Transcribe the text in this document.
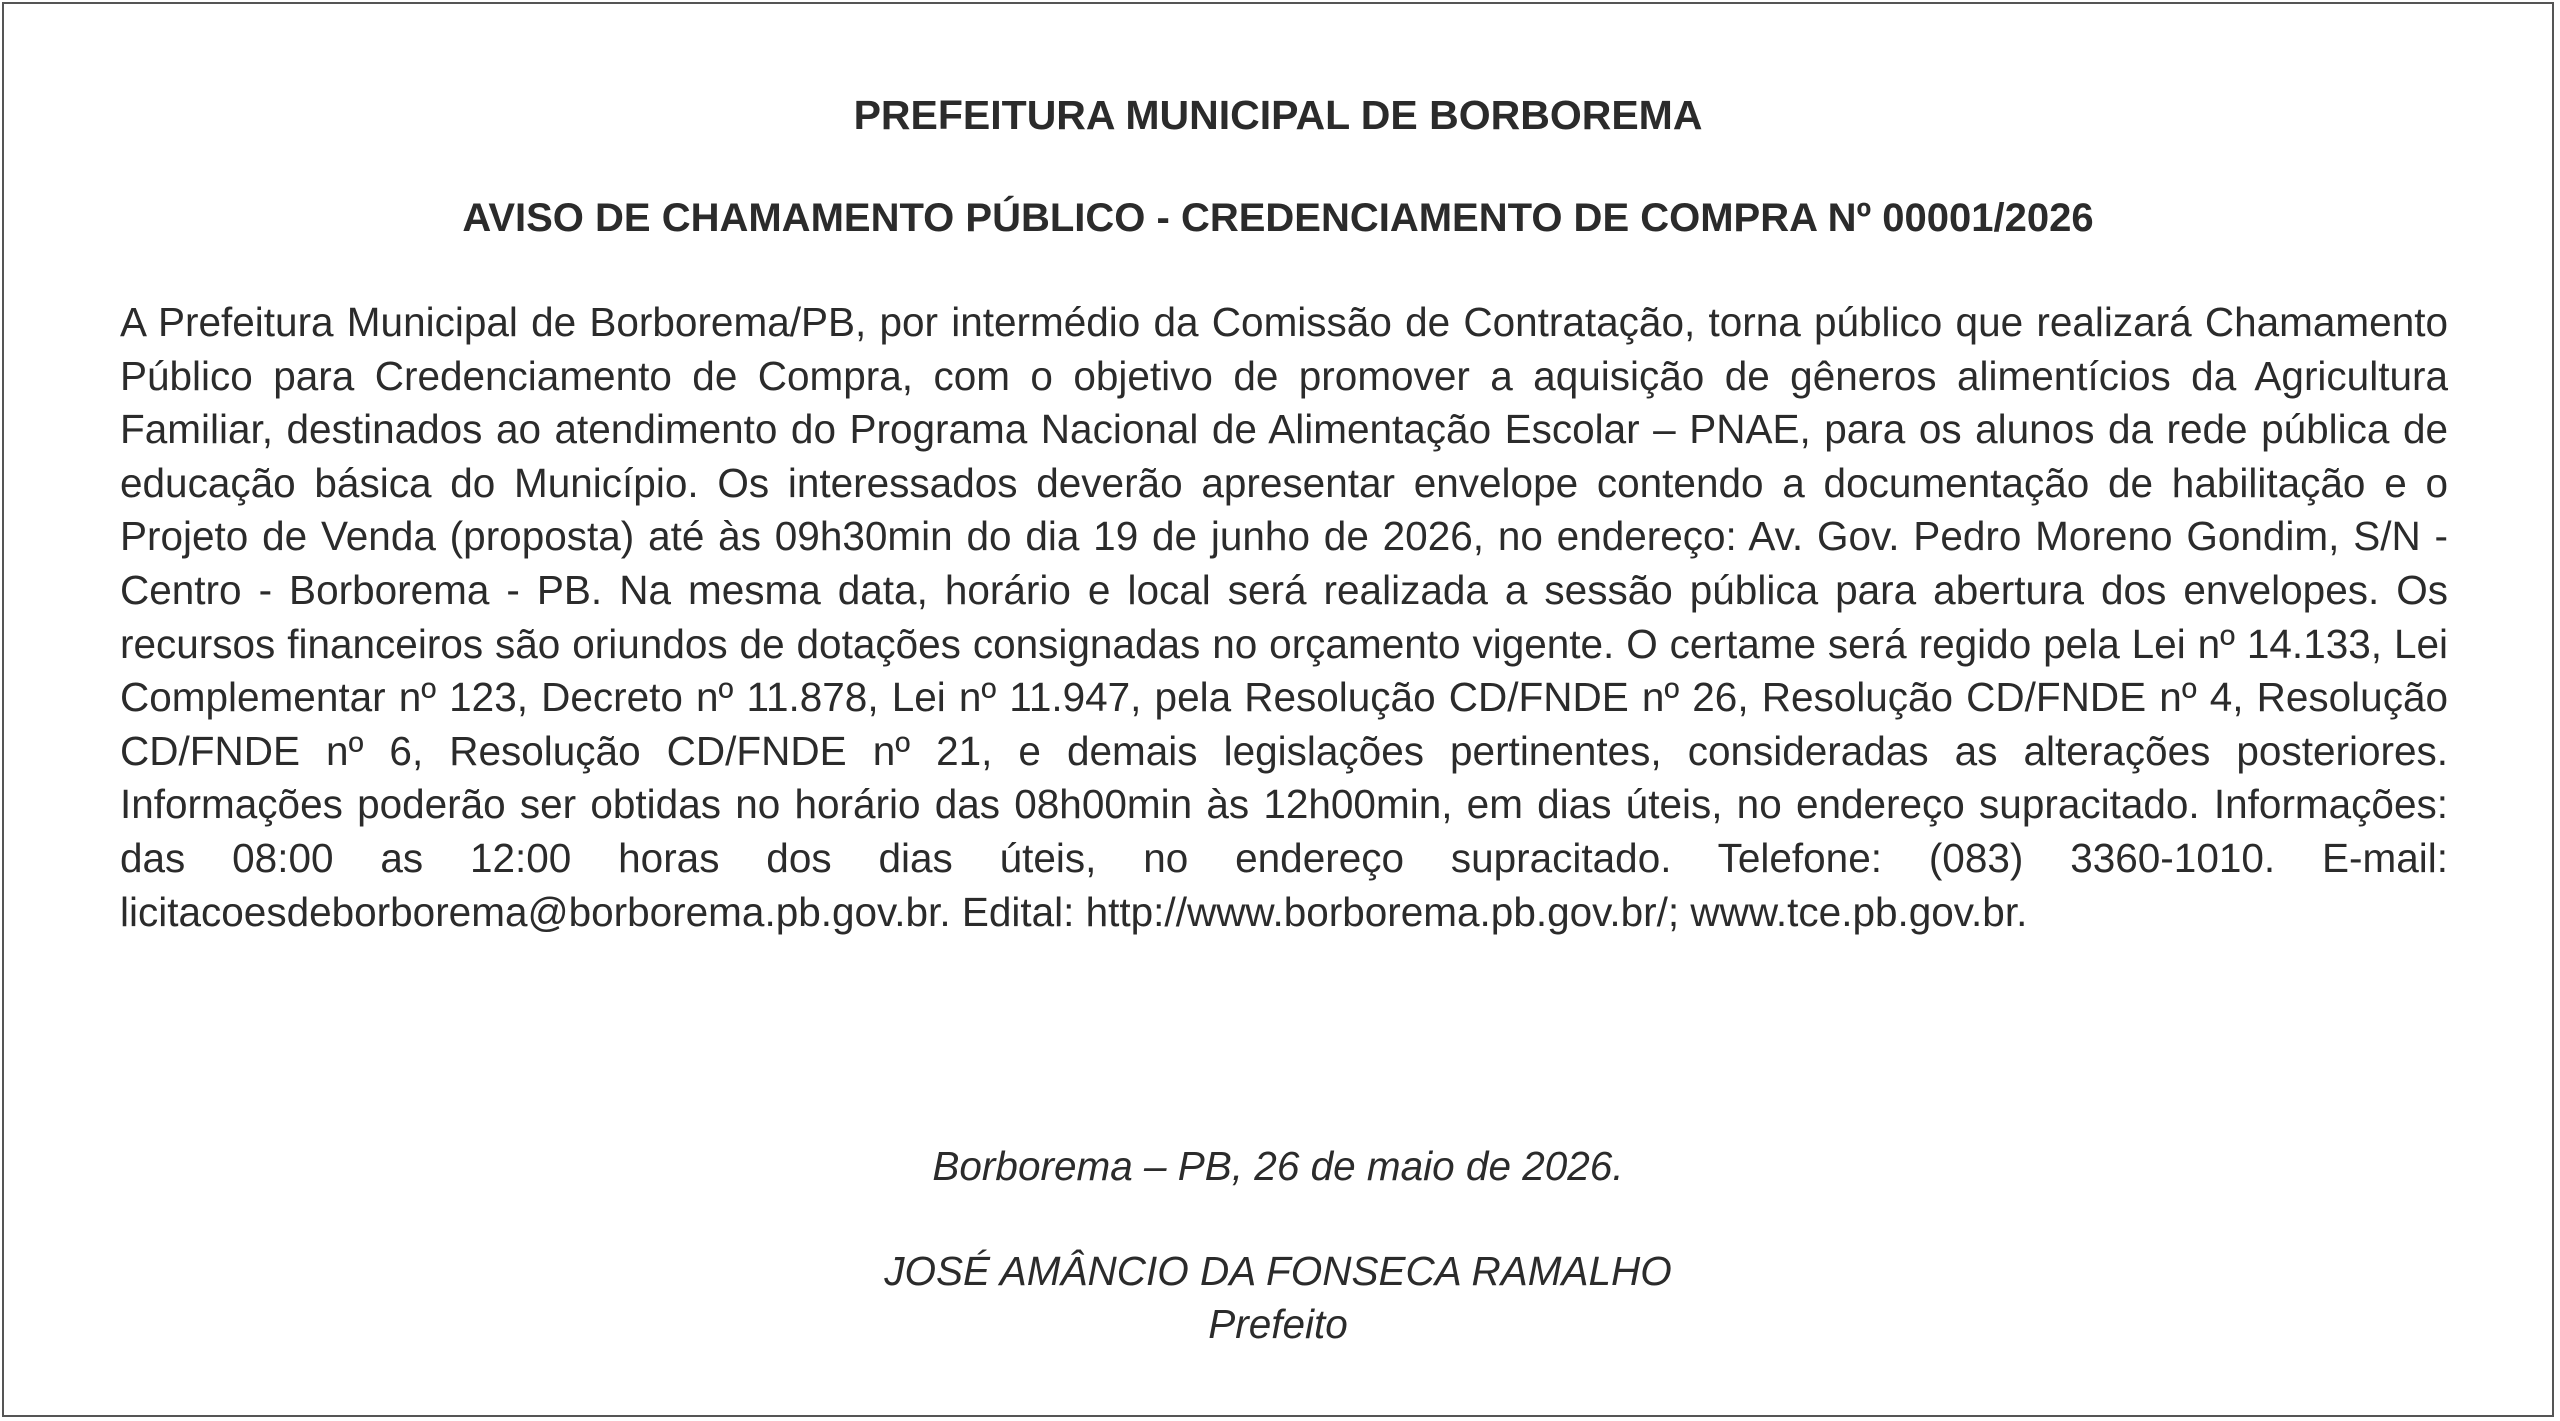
PREFEITURA MUNICIPAL DE BORBOREMA
AVISO DE CHAMAMENTO PÚBLICO - CREDENCIAMENTO DE COMPRA Nº 00001/2026

A Prefeitura Municipal de Borborema/PB, por intermédio da Comissão de Contratação, torna público que realizará Chamamento Público para Credenciamento de Compra, com o objetivo de promover a aquisição de gêneros alimentícios da Agricultura Familiar, destinados ao atendimento do Programa Nacional de Alimentação Escolar – PNAE, para os alunos da rede pública de educação básica do Município. Os interessados deverão apresentar envelope contendo a documentação de habilitação e o Projeto de Venda (proposta) até às 09h30min do dia 19 de junho de 2026, no endereço: Av. Gov. Pedro Moreno Gondim, S/N - Centro - Borborema - PB. Na mesma data, horário e local será realizada a sessão pública para abertura dos envelopes. Os recursos financeiros são oriundos de dotações consignadas no orçamento vigente. O certame será regido pela Lei nº 14.133, Lei Complementar nº 123, Decreto nº 11.878, Lei nº 11.947, pela Resolução CD/FNDE nº 26, Resolução CD/FNDE nº 4, Resolução CD/FNDE nº 6, Resolução CD/FNDE nº 21, e demais legislações pertinentes, consideradas as alterações posteriores. Informações poderão ser obtidas no horário das 08h00min às 12h00min, em dias úteis, no endereço supracitado. Informações: das 08:00 as 12:00 horas dos dias úteis, no endereço supracitado. Telefone: (083) 3360-1010. E-mail: licitacoesdeborborema@borborema.pb.gov.br. Edital: http://www.borborema.pb.gov.br/; www.tce.pb.gov.br.

Borborema – PB, 26 de maio de 2026.
JOSÉ AMÂNCIO DA FONSECA RAMALHO
Prefeito
